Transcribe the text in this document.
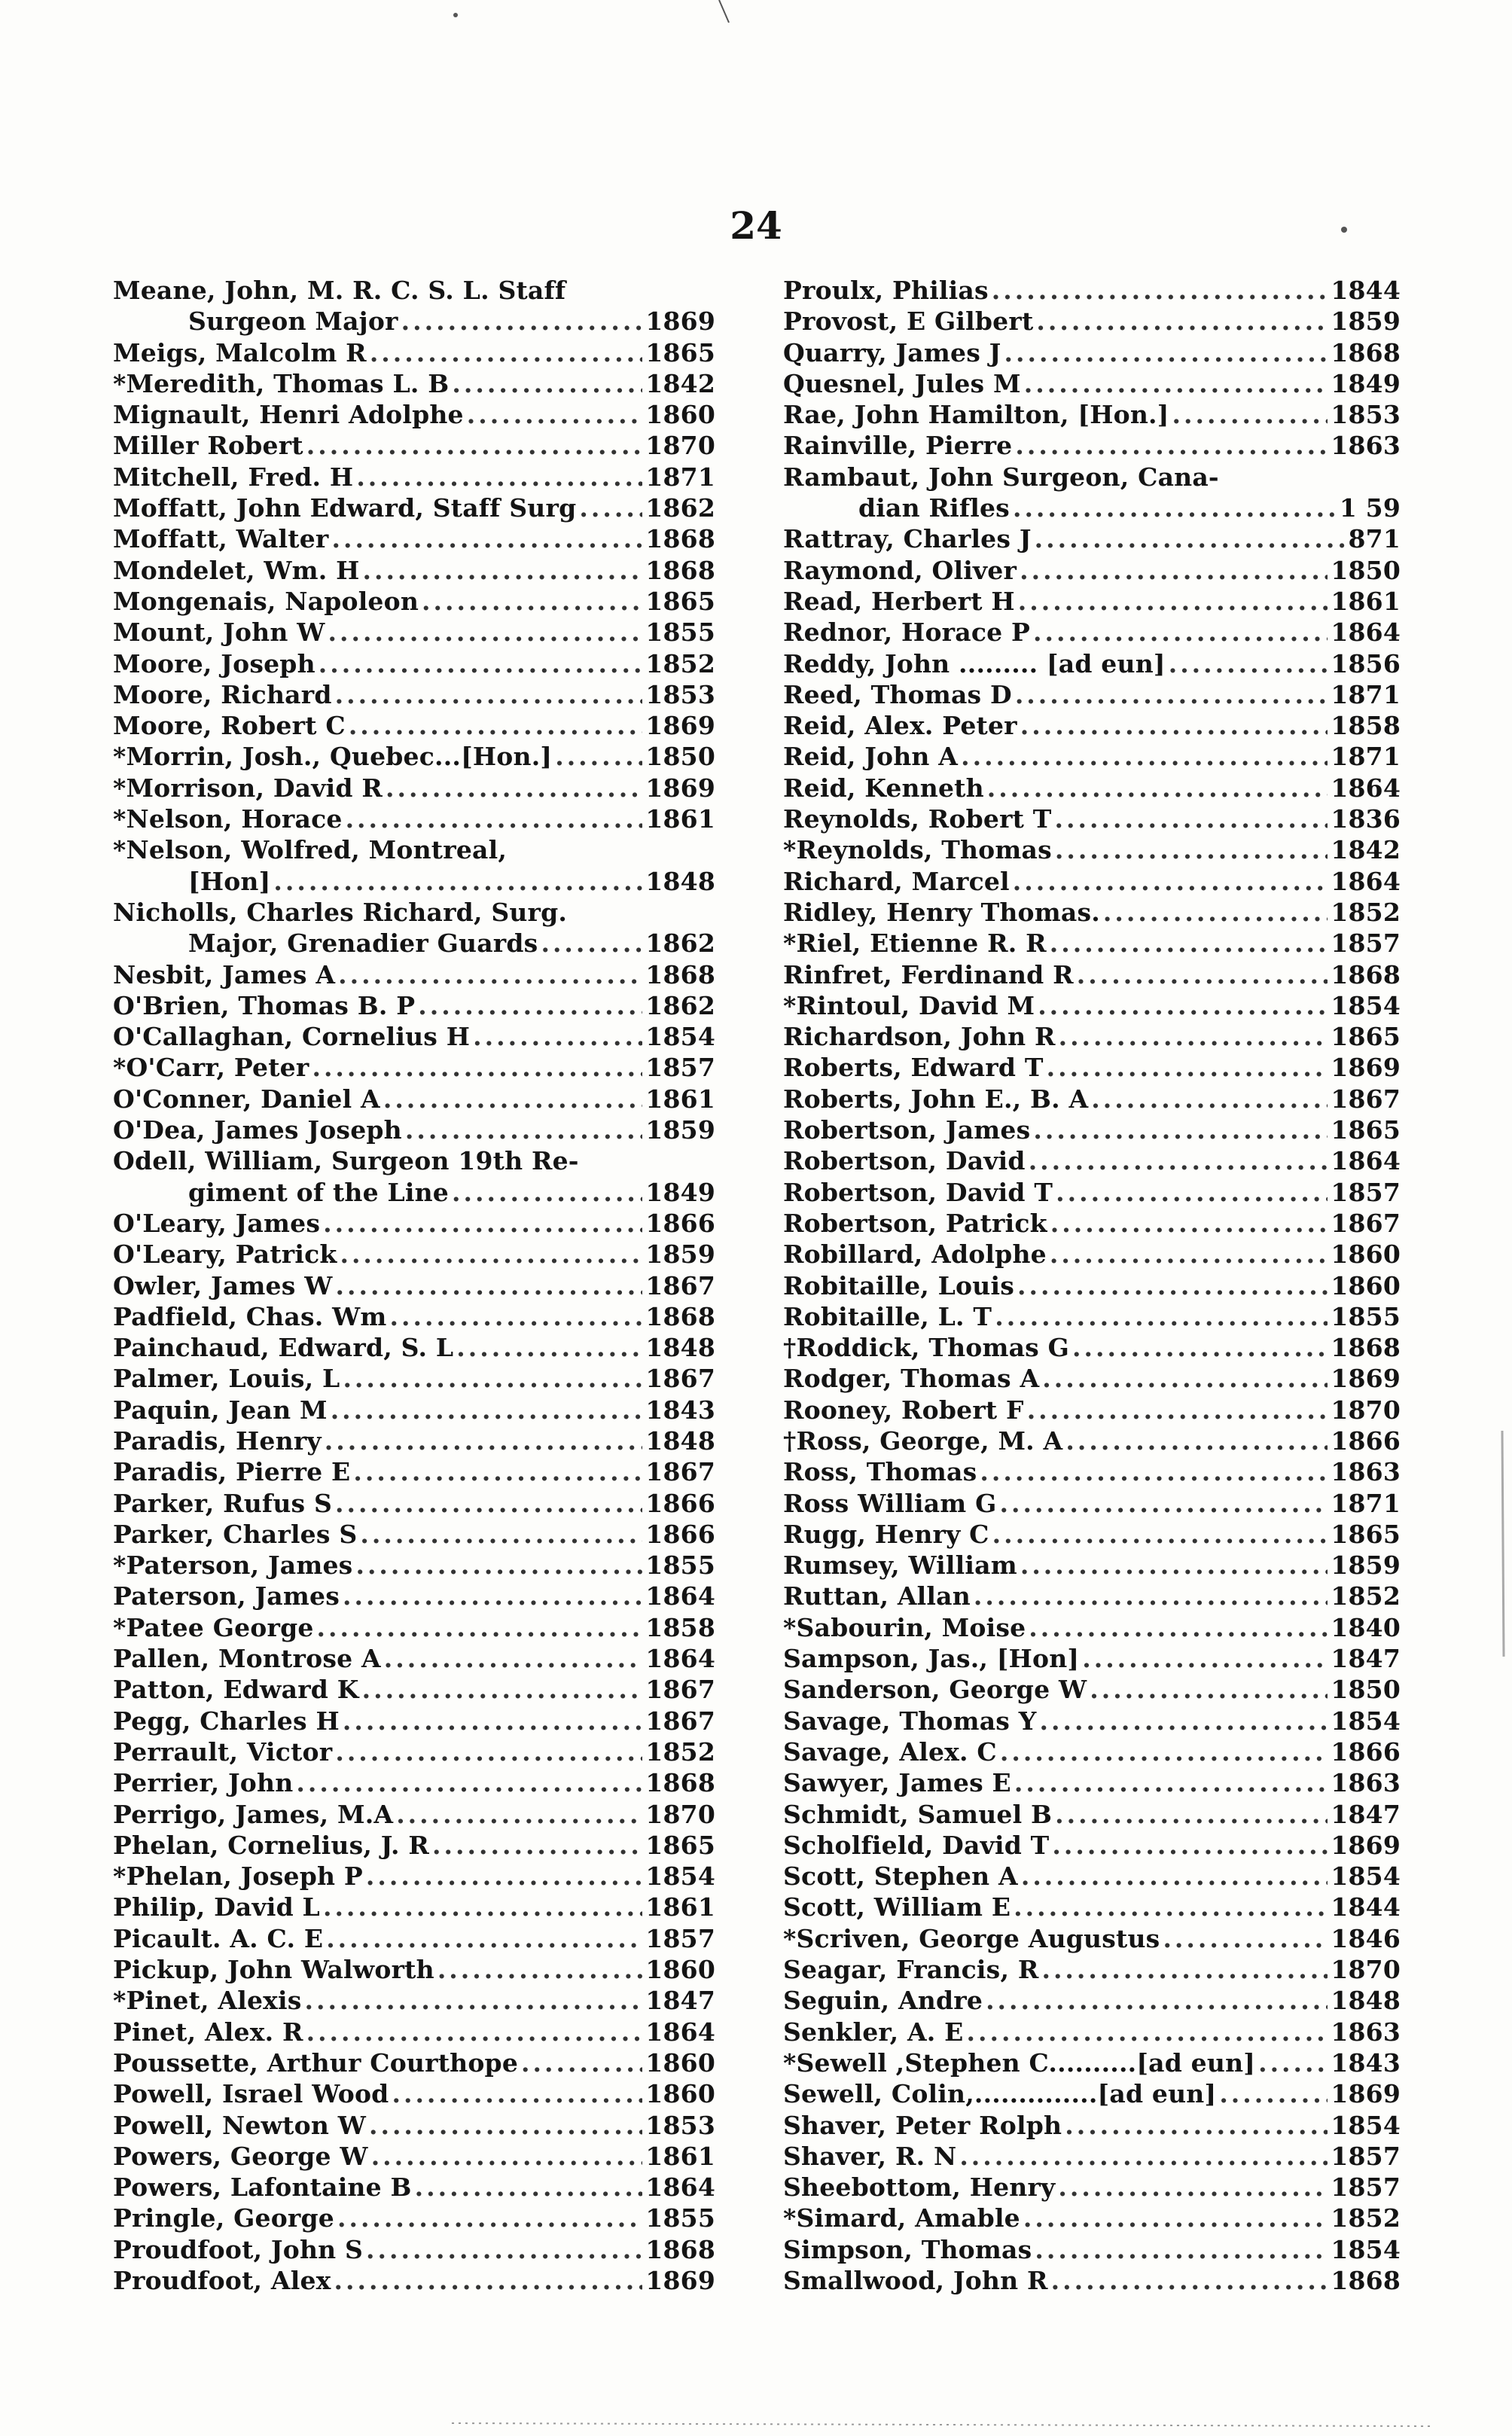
24
Meane, John, M. R. C. S. L. Staff
Surgeon Major .....	1869
Meigs, Malcolm R .....	1865
*Meredith, Thomas L. B .....	1842
Mignault, Henri Adolphe .....	1860
Miller Robert .....	1870
Mitchell, Fred. H .....	1871
Moffatt, John Edward, Staff Surg .....	1862
Moffatt, Walter .....	1868
Mondelet, Wm. H .....	1868
Mongenais, Napoleon .....	1865
Mount, John W .....	1855
Moore, Joseph .....	1852
Moore, Richard .....	1853
Moore, Robert C .....	1869
*Morrin, Josh., Quebec...[Hon.] .....	1850
*Morrison, David R .....	1869
*Nelson, Horace .....	1861
*Nelson, Wolfred, Montreal,
[Hon] .....	1848
Nicholls, Charles Richard, Surg.
Major, Grenadier Guards .....	1862
Nesbit, James A .....	1868
O'Brien, Thomas B. P .....	1862
O'Callaghan, Cornelius H .....	1854
*O'Carr, Peter .....	1857
O'Conner, Daniel A .....	1861
O'Dea, James Joseph .....	1859
Odell, William, Surgeon 19th Re-
giment of the Line .....	1849
O'Leary, James .....	1866
O'Leary, Patrick .....	1859
Owler, James W .....	1867
Padfield, Chas. Wm .....	1868
Painchaud, Edward, S. L .....	1848
Palmer, Louis, L .....	1867
Paquin, Jean M .....	1843
Paradis, Henry .....	1848
Paradis, Pierre E .....	1867
Parker, Rufus S .....	1866
Parker, Charles S .....	1866
*Paterson, James .....	1855
Paterson, James .....	1864
*Patee George .....	1858
Pallen, Montrose A .....	1864
Patton, Edward K .....	1867
Pegg, Charles H .....	1867
Perrault, Victor .....	1852
Perrier, John .....	1868
Perrigo, James, M.A .....	1870
Phelan, Cornelius, J. R .....	1865
*Phelan, Joseph P .....	1854
Philip, David L .....	1861
Picault. A. C. E .....	1857
Pickup, John Walworth .....	1860
*Pinet, Alexis .....	1847
Pinet, Alex. R .....	1864
Poussette, Arthur Courthope .....	1860
Powell, Israel Wood .....	1860
Powell, Newton W .....	1853
Powers, George W .....	1861
Powers, Lafontaine B .....	1864
Pringle, George .....	1855
Proudfoot, John S .....	1868
Proudfoot, Alex .....	1869
Proulx, Philias .....	1844
Provost, E Gilbert .....	1859
Quarry, James J .....	1868
Quesnel, Jules M .....	1849
Rae, John Hamilton, [Hon.] .....	1853
Rainville, Pierre .....	1863
Rambaut, John Surgeon, Cana-
dian Rifles .....	1 59
Rattray, Charles J .....	871
Raymond, Oliver .....	1850
Read, Herbert H .....	1861
Rednor, Horace P .....	1864
Reddy, John ......... [ad eun] .....	1856
Reed, Thomas D .....	1871
Reid, Alex. Peter .....	1858
Reid, John A .....	1871
Reid, Kenneth .....	1864
Reynolds, Robert T .....	1836
*Reynolds, Thomas .....	1842
Richard, Marcel .....	1864
Ridley, Henry Thomas. .....	1852
*Riel, Etienne R. R .....	1857
Rinfret, Ferdinand R .....	1868
*Rintoul, David M .....	1854
Richardson, John R .....	1865
Roberts, Edward T .....	1869
Roberts, John E., B. A .....	1867
Robertson, James .....	1865
Robertson, David .....	1864
Robertson, David T .....	1857
Robertson, Patrick .....	1867
Robillard, Adolphe .....	1860
Robitaille, Louis .....	1860
Robitaille, L. T .....	1855
†Roddick, Thomas G .....	1868
Rodger, Thomas A .....	1869
Rooney, Robert F .....	1870
†Ross, George, M. A .....	1866
Ross, Thomas .....	1863
Ross William G .....	1871
Rugg, Henry C .....	1865
Rumsey, William .....	1859
Ruttan, Allan .....	1852
*Sabourin, Moise .....	1840
Sampson, Jas., [Hon] .....	1847
Sanderson, George W .....	1850
Savage, Thomas Y .....	1854
Savage, Alex. C .....	1866
Sawyer, James E .....	1863
Schmidt, Samuel B .....	1847
Scholfield, David T .....	1869
Scott, Stephen A .....	1854
Scott, William E .....	1844
*Scriven, George Augustus .....	1846
Seagar, Francis, R .....	1870
Seguin, Andre .....	1848
Senkler, A. E .....	1863
*Sewell ,Stephen C..........[ad eun] .....	1843
Sewell, Colin,..............[ad eun] .....	1869
Shaver, Peter Rolph .....	1854
Shaver, R. N .....	1857
Sheebottom, Henry .....	1857
*Simard, Amable .....	1852
Simpson, Thomas .....	1854
Smallwood, John R .....	1868
